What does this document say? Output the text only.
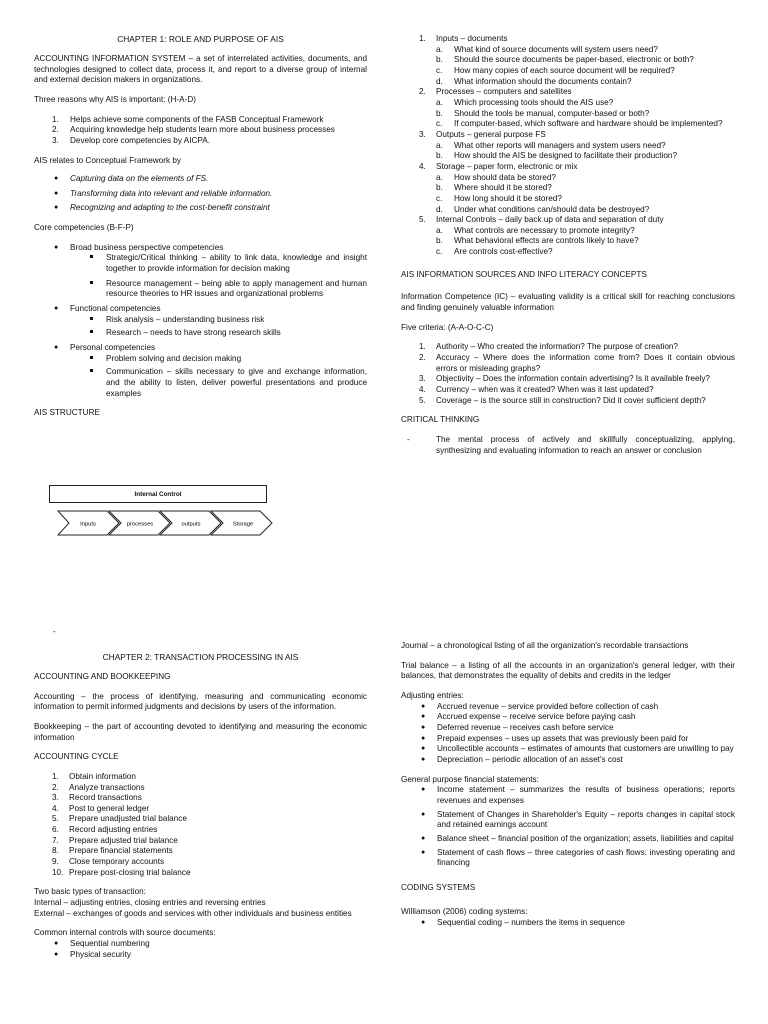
CHAPTER 1: ROLE AND PURPOSE OF AIS

ACCOUNTING INFORMATION SYSTEM – a set of interrelated activities, documents, and technologies designed to collect data, process it, and report to a diverse group of internal and external decision makers in organizations.

Three reasons why AIS is important: (H-A-D)

1. Helps achieve some components of the FASB Conceptual Framework
2. Acquiring knowledge help students learn more about business processes
3. Develop core competencies by AICPA.

AIS relates to Conceptual Framework by

● Capturing data on the elements of FS.
● Transforming data into relevant and reliable information.
● Recognizing and adapting to the cost-benefit constraint

Core competencies (B-F-P)

● Broad business perspective competencies
Strategic/Critical thinking – ability to link data, knowledge and insight together to provide information for decision making
Resource management – being able to apply management and human resource theories to HR issues and organizational problems
● Functional competencies
Risk analysis – understanding business risk
Research – needs to have strong research skills
● Personal competencies
Problem solving and decision making
Communication – skills necessary to give and exchange information, and the ability to listen, deliver powerful presentations and produce examples

AIS STRUCTURE

Internal Control
Inputs	processes	outputs	Storage
1. Inputs – documents
a. What kind of source documents will system users need?
b. Should the source documents be paper-based, electronic or both?
c. How many copies of each source document will be required?
d. What information should the documents contain?
2. Processes – computers and satellites
a. Which processing tools should the AIS use?
b. Should the tools be manual, computer-based or both?
c. If computer-based, which software and hardware should be implemented?
3. Outputs – general purpose FS
a. What other reports will managers and system users need?
b. How should the AIS be designed to facilitate their production?
4. Storage – paper form, electronic or mix
a. How should data be stored?
b. Where should it be stored?
c. How long should it be stored?
d. Under what conditions can/should data be destroyed?
5. Internal Controls – daily back up of data and separation of duty
a. What controls are necessary to promote integrity?
b. What behavioral effects are controls likely to have?
c. Are controls cost-effective?

AIS INFORMATION SOURCES AND INFO LITERACY CONCEPTS

Information Competence (IC) – evaluating validity is a critical skill for reaching conclusions and finding genuinely valuable information

Five criteria: (A-A-O-C-C)

1. Authority – Who created the information? The purpose of creation?
2. Accuracy – Where does the information come from? Does it contain obvious errors or misleading graphs?
3. Objectivity – Does the information contain advertising? Is it available freely?
4. Currency – when was it created? When was it last updated?
5. Coverage – is the source still in construction? Did it cover sufficient depth?

CRITICAL THINKING

-	The mental process of actively and skillfully conceptualizing, applying, synthesizing and evaluating information to reach an answer or conclusion
-

CHAPTER 2: TRANSACTION PROCESSING IN AIS

ACCOUNTING AND BOOKKEEPING

Accounting – the process of identifying, measuring and communicating economic information to permit informed judgments and decisions by users of the information.

Bookkeeping – the part of accounting devoted to identifying and measuring the economic information

ACCOUNTING CYCLE

1. Obtain information
2. Analyze transactions
3. Record transactions
4. Post to general ledger
5. Prepare unadjusted trial balance
6. Record adjusting entries
7. Prepare adjusted trial balance
8. Prepare financial statements
9. Close temporary accounts
10. Prepare post-closing trial balance

Two basic types of transaction:

Internal – adjusting entries, closing entries and reversing entries

External – exchanges of goods and services with other individuals and business entities

Common internal controls with source documents:

● Sequential numbering
● Physical security

Journal – a chronological listing of all the organization's recordable transactions

Trial balance – a listing of all the accounts in an organization's general ledger, with their balances, that demonstrates the equality of debits and credits in the ledger

Adjusting entries:

● Accrued revenue – service provided before collection of cash
● Accrued expense – receive service before paying cash
● Deferred revenue – receives cash before service
● Prepaid expenses – uses up assets that was previously been paid for
● Uncollectible accounts – estimates of amounts that customers are unwilling to pay
● Depreciation – periodic allocation of an asset's cost

General purpose financial statements:

● Income statement – summarizes the results of business operations; reports revenues and expenses
● Statement of Changes in Shareholder's Equity – reports changes in capital stock and retained earnings account
● Balance sheet – financial position of the organization; assets, liabilities and capital
● Statement of cash flows – three categories of cash flows: investing operating and financing

CODING SYSTEMS

Williamson (2006) coding systems:

● Sequential coding – numbers the items in sequence
